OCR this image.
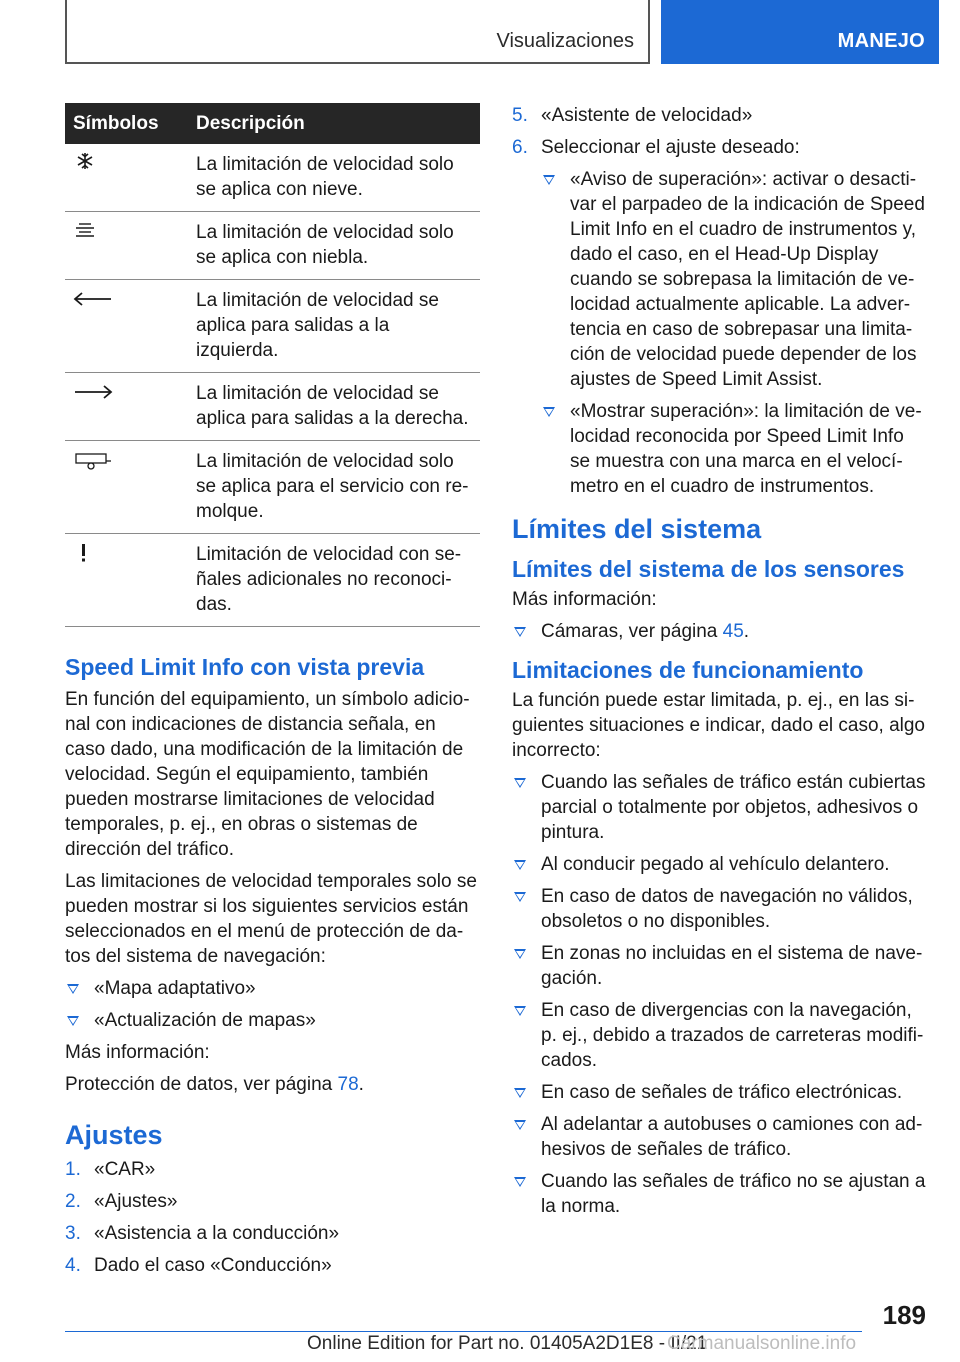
Visualizaciones	MANEJO
Símbolos	Descripción

	La limitación de velocidad solo se aplica con nieve.

	La limitación de velocidad solo se aplica con niebla.

	La limitación de velocidad se aplica para salidas a la izquierda.

	La limitación de velocidad se aplica para salidas a la derecha.

	La limitación de velocidad solo se aplica para el servicio con remolque.

	Limitación de velocidad con señales adicionales no reconocidas.
Speed Limit Info con vista previa

En función del equipamiento, un símbolo adicional con indicaciones de distancia señala, en caso dado, una modificación de la limitación de velocidad. Según el equipamiento, también pueden mostrarse limitaciones de velocidad temporales, p. ej., en obras o sistemas de dirección del tráfico.

Las limitaciones de velocidad temporales solo se pueden mostrar si los siguientes servicios están seleccionados en el menú de protección de datos del sistema de navegación:

«Mapa adaptativo»
«Actualización de mapas»

Más información:

Protección de datos, ver página 78.

Ajustes
1. «CAR»
2. «Ajustes»
3. «Asistencia a la conducción»
4. Dado el caso «Conducción»
5. «Asistente de velocidad»
6. Seleccionar el ajuste deseado:
«Aviso de superación»: activar o desactivar el parpadeo de la indicación de Speed Limit Info en el cuadro de instrumentos y, dado el caso, en el Head-Up Display cuando se sobrepasa la limitación de velocidad actualmente aplicable. La advertencia en caso de sobrepasar una limitación de velocidad puede depender de los ajustes de Speed Limit Assist.
«Mostrar superación»: la limitación de velocidad reconocida por Speed Limit Info se muestra con una marca en el velocímetro en el cuadro de instrumentos.
Límites del sistema
Límites del sistema de los sensores

Más información:

Cámaras, ver página 45.
Limitaciones de funcionamiento

La función puede estar limitada, p. ej., en las siguientes situaciones e indicar, dado el caso, algo incorrecto:

Cuando las señales de tráfico están cubiertas parcial o totalmente por objetos, adhesivos o pintura.
Al conducir pegado al vehículo delantero.
En caso de datos de navegación no válidos, obsoletos o no disponibles.
En zonas no incluidas en el sistema de navegación.
En caso de divergencias con la navegación, p. ej., debido a trazados de carreteras modificados.
En caso de señales de tráfico electrónicas.
Al adelantar a autobuses o camiones con adhesivos de señales de tráfico.
Cuando las señales de tráfico no se ajustan a la norma.
189
Online Edition for Part no. 01405A2D1E8 - II/21
Carmanualsonline.info
